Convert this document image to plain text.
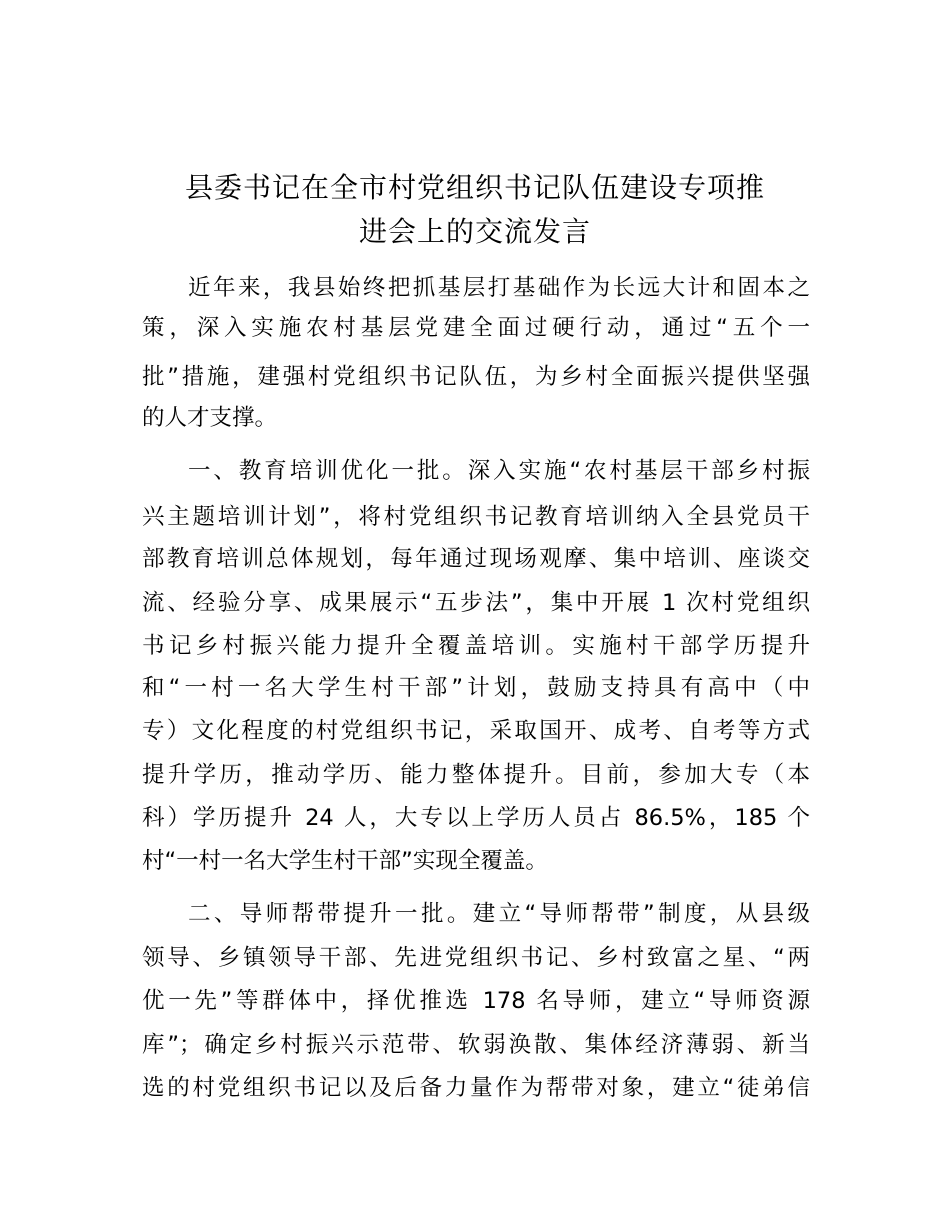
县委书记在全市村党组织书记队伍建设专项推
进会上的交流发言
近年来，我县始终把抓基层打基础作为长远大计和固本之
策，深入实施农村基层党建全面过硬行动，通过“五个一
批”措施，建强村党组织书记队伍，为乡村全面振兴提供坚强
的人才支撑。
一、教育培训优化一批。深入实施“农村基层干部乡村振
兴主题培训计划”，将村党组织书记教育培训纳入全县党员干
部教育培训总体规划，每年通过现场观摩、集中培训、座谈交
流、经验分享、成果展示“五步法”，集中开展 1 次村党组织
书记乡村振兴能力提升全覆盖培训。实施村干部学历提升
和“一村一名大学生村干部”计划，鼓励支持具有高中（中
专）文化程度的村党组织书记，采取国开、成考、自考等方式
提升学历，推动学历、能力整体提升。目前，参加大专（本
科）学历提升 24 人，大专以上学历人员占 86.5%，185 个
村“一村一名大学生村干部”实现全覆盖。
二、导师帮带提升一批。建立“导师帮带”制度，从县级
领导、乡镇领导干部、先进党组织书记、乡村致富之星、“两
优一先”等群体中，择优推选 178 名导师，建立“导师资源
库”；确定乡村振兴示范带、软弱涣散、集体经济薄弱、新当
选的村党组织书记以及后备力量作为帮带对象，建立“徒弟信
